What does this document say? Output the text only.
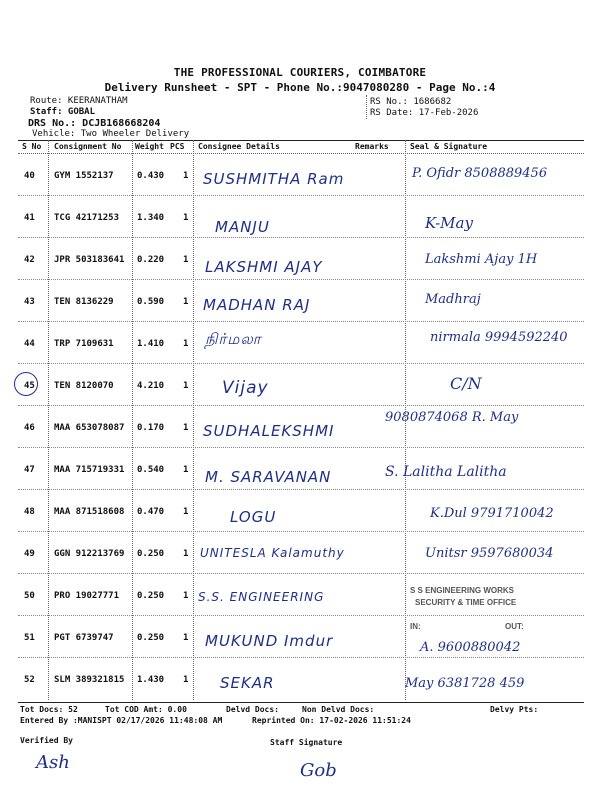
THE PROFESSIONAL COURIERS, COIMBATORE
Delivery Runsheet - SPT - Phone No.:9047080280 - Page No.:4
Route: KEERANATHAM
Staff: GOBAL
DRS No.: DCJB168668204
Vehicle: Two Wheeler Delivery
RS No.: 1686682
RS Date: 17-Feb-2026
S No Consignment No Weight PCS Consignee Details	Remarks	Seal & Signature
40 GYM 1552137	0.430 1 SUSHMITHA Ram	P. Ofidr 8508889456
41 TCG 42171253 1.340 1 MANJU	K-May
42 JPR 503183641 0.220 1 LAKSHMI AJAY	Lakshmi Ajay 1H
43 TEN 8136229	0.590 1 MADHAN RAJ	Madhraj
44 TRP 7109631	1.410 1 நிர்மலா	nirmala 9994592240
45 TEN 8120070	4.210 1 Vijay	C/N
46 MAA 653078087 0.170 1 SUDHALEKSHMI
9080874068 R. May
47 MAA 715719331 0.540 1 M. SARAVANAN	S. Lalitha Lalitha
48 MAA 871518608 0.470 1	LOGU	K.Dul 9791710042
49 GGN 912213769 0.250 1 UNITESLA Kalamuthy	Unitsr 9597680034
50 PRO 19027771 0.250 1 S.S. ENGINEERING	S S ENGINEERING WORKS
SECURITY & TIME OFFICE
51 PGT 6739747	0.250 1 MUKUND Imdur
IN:	OUT:
A. 9600880042
52 SLM 389321815 1.430 1 SEKAR	May 6381728 459
Tot Docs: 52	Tot COD Amt: 0.00	Delvd Docs:	Non Delvd Docs:	Delvy Pts:
Entered By :MANISPT 02/17/2026 11:48:08 AM	Reprinted On: 17-02-2026 11:51:24
Verified By	Staff Signature
Ash	Gob
